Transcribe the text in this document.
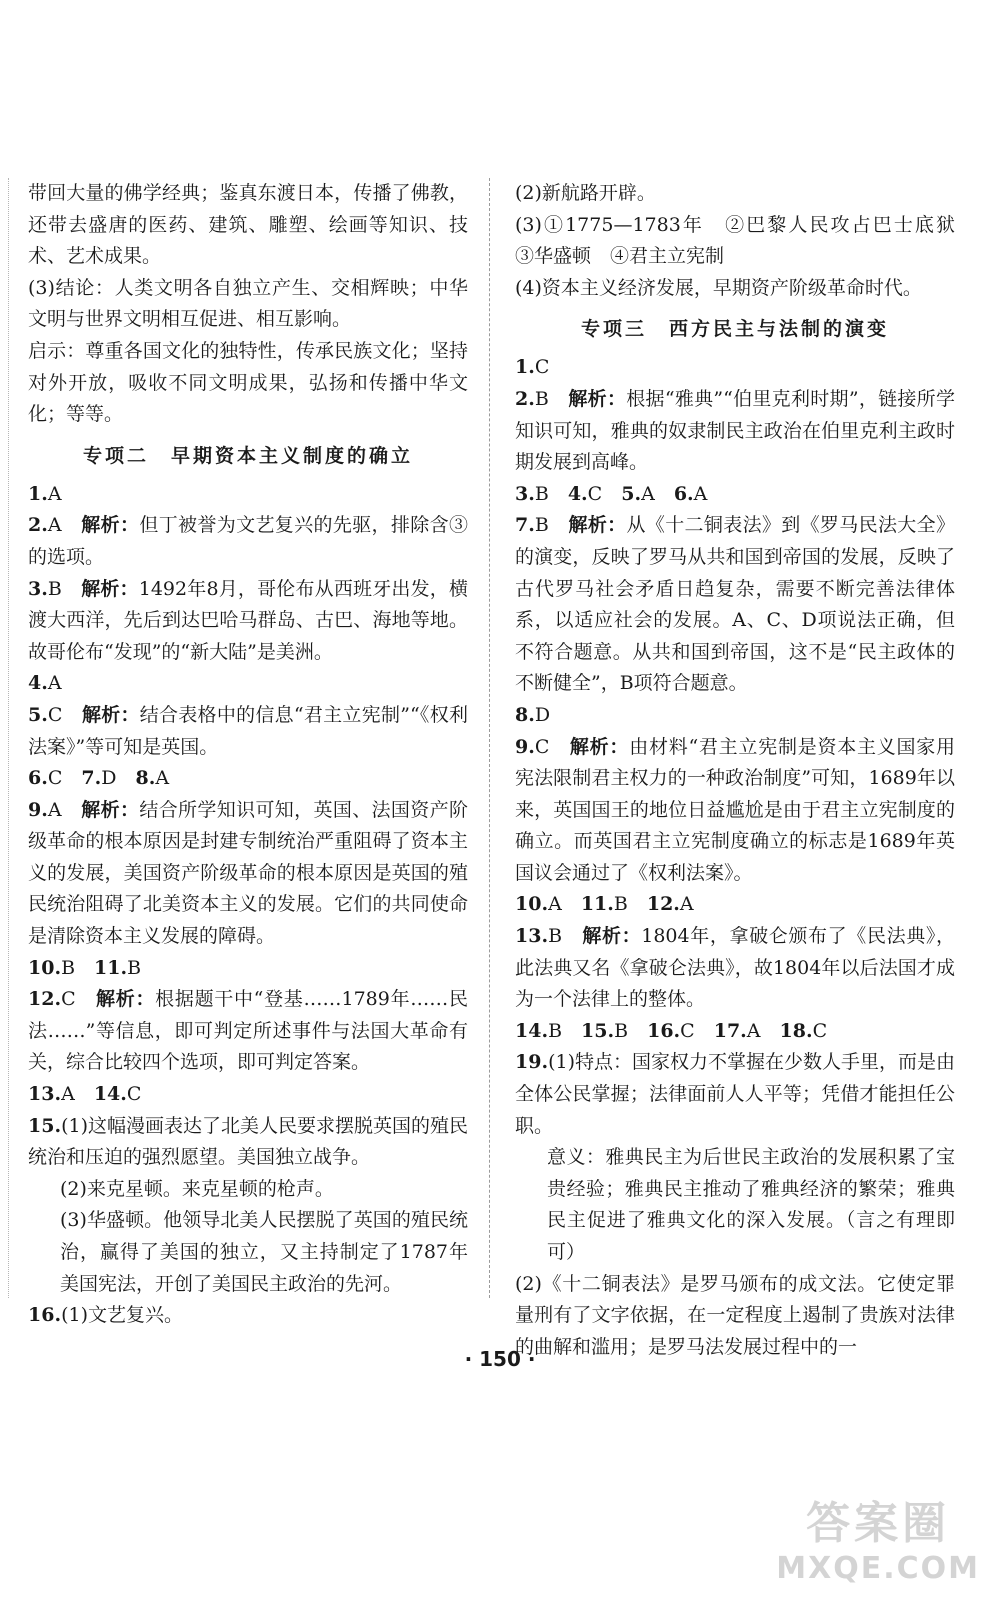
带回大量的佛学经典；鉴真东渡日本，传播了佛教，还带去盛唐的医药、建筑、雕塑、绘画等知识、技术、艺术成果。

(3)结论：人类文明各自独立产生、交相辉映；中华文明与世界文明相互促进、相互影响。

启示：尊重各国文化的独特性，传承民族文化；坚持对外开放，吸收不同文明成果，弘扬和传播中华文化；等等。

专项二　早期资本主义制度的确立

1.A

2.A　 解析：但丁被誉为文艺复兴的先驱，排除含③的选项。

3.B　 解析：1492年8月，哥伦布从西班牙出发，横渡大西洋，先后到达巴哈马群岛、古巴、海地等地。故哥伦布“发现”的“新大陆”是美洲。

4.A

5.C　 解析：结合表格中的信息“君主立宪制”“《权利法案》”等可知是英国。

6.C　 7.D　 8.A

9.A　 解析：结合所学知识可知，英国、法国资产阶级革命的根本原因是封建专制统治严重阻碍了资本主义的发展，美国资产阶级革命的根本原因是英国的殖民统治阻碍了北美资本主义的发展。它们的共同使命是清除资本主义发展的障碍。

10.B　 11.B

12.C　 解析：根据题干中“登基……1789年……民法……”等信息，即可判定所述事件与法国大革命有关，综合比较四个选项，即可判定答案。

13.A　 14.C

15.(1)这幅漫画表达了北美人民要求摆脱英国的殖民统治和压迫的强烈愿望。美国独立战争。

(2)来克星顿。来克星顿的枪声。

(3)华盛顿。他领导北美人民摆脱了英国的殖民统治，赢得了美国的独立，又主持制定了1787年美国宪法，开创了美国民主政治的先河。

16.(1)文艺复兴。

(2)新航路开辟。

(3)①1775—1783年　②巴黎人民攻占巴士底狱　③华盛顿　④君主立宪制

(4)资本主义经济发展，早期资产阶级革命时代。

专项三　西方民主与法制的演变

1.C

2.B　 解析：根据“雅典”“伯里克利时期”，链接所学知识可知，雅典的奴隶制民主政治在伯里克利主政时期发展到高峰。

3.B　 4.C　 5.A　 6.A

7.B　 解析：从《十二铜表法》到《罗马民法大全》的演变，反映了罗马从共和国到帝国的发展，反映了古代罗马社会矛盾日趋复杂，需要不断完善法律体系，以适应社会的发展。A、C、D项说法正确，但不符合题意。从共和国到帝国，这不是“民主政体的不断健全”，B项符合题意。

8.D

9.C　 解析：由材料“君主立宪制是资本主义国家用宪法限制君主权力的一种政治制度”可知，1689年以来，英国国王的地位日益尴尬是由于君主立宪制度的确立。而英国君主立宪制度确立的标志是1689年英国议会通过了《权利法案》。

10.A　 11.B　 12.A

13.B　 解析：1804年，拿破仑颁布了《民法典》，此法典又名《拿破仑法典》，故1804年以后法国才成为一个法律上的整体。

14.B　 15.B　 16.C　 17.A　 18.C

19.(1)特点：国家权力不掌握在少数人手里，而是由全体公民掌握；法律面前人人平等；凭借才能担任公职。

意义：雅典民主为后世民主政治的发展积累了宝贵经验；雅典民主推动了雅典经济的繁荣；雅典民主促进了雅典文化的深入发展。（言之有理即可）

(2)《十二铜表法》是罗马颁布的成文法。它使定罪量刑有了文字依据，在一定程度上遏制了贵族对法律的曲解和滥用；是罗马法发展过程中的一

· 150 ·
答案圈
MXQE.COM
